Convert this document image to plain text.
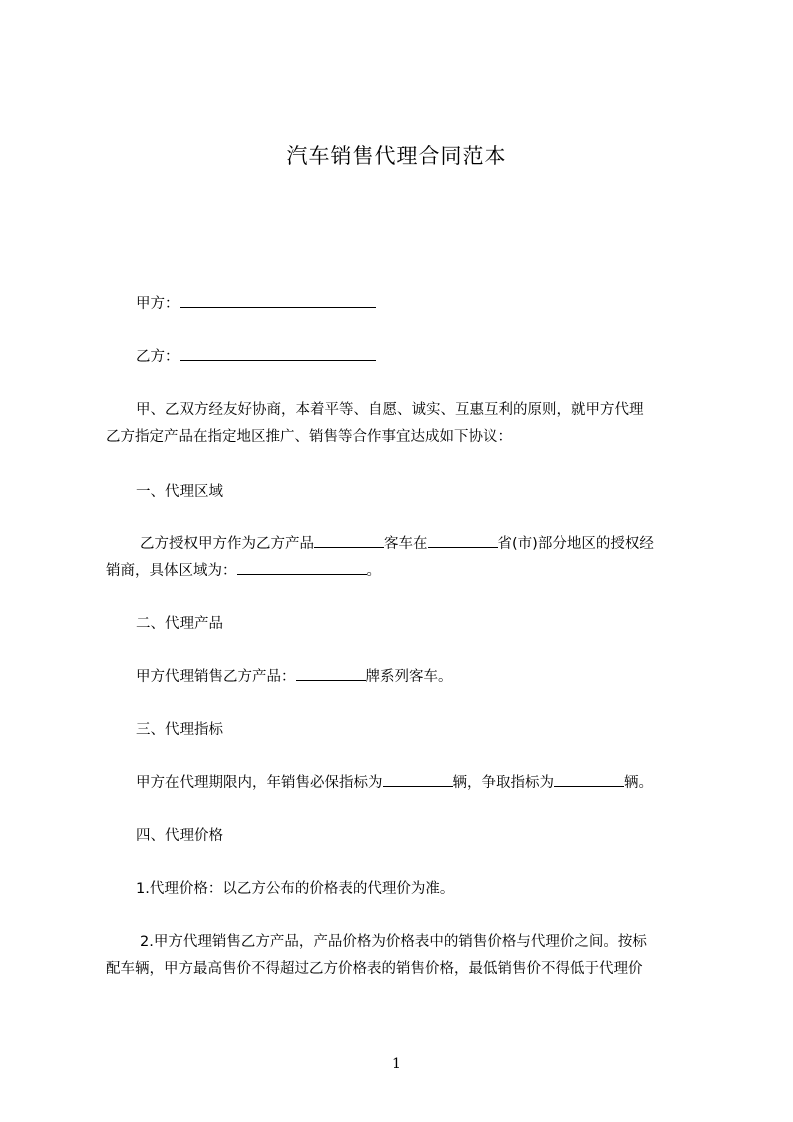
汽车销售代理合同范本
甲方：
乙方：
甲、乙双方经友好协商，本着平等、自愿、诚实、互惠互利的原则，就甲方代理
乙方指定产品在指定地区推广、销售等合作事宜达成如下协议：
一、代理区域
乙方授权甲方作为乙方产品	客车在	省(市)部分地区的授权经
销商，具体区域为：	。
二、代理产品
甲方代理销售乙方产品：	牌系列客车。
三、代理指标
甲方在代理期限内，年销售必保指标为	辆，争取指标为	辆。
四、代理价格
1.代理价格：以乙方公布的价格表的代理价为准。
2.甲方代理销售乙方产品，产品价格为价格表中的销售价格与代理价之间。按标
配车辆，甲方最高售价不得超过乙方价格表的销售价格，最低销售价不得低于代理价
1
